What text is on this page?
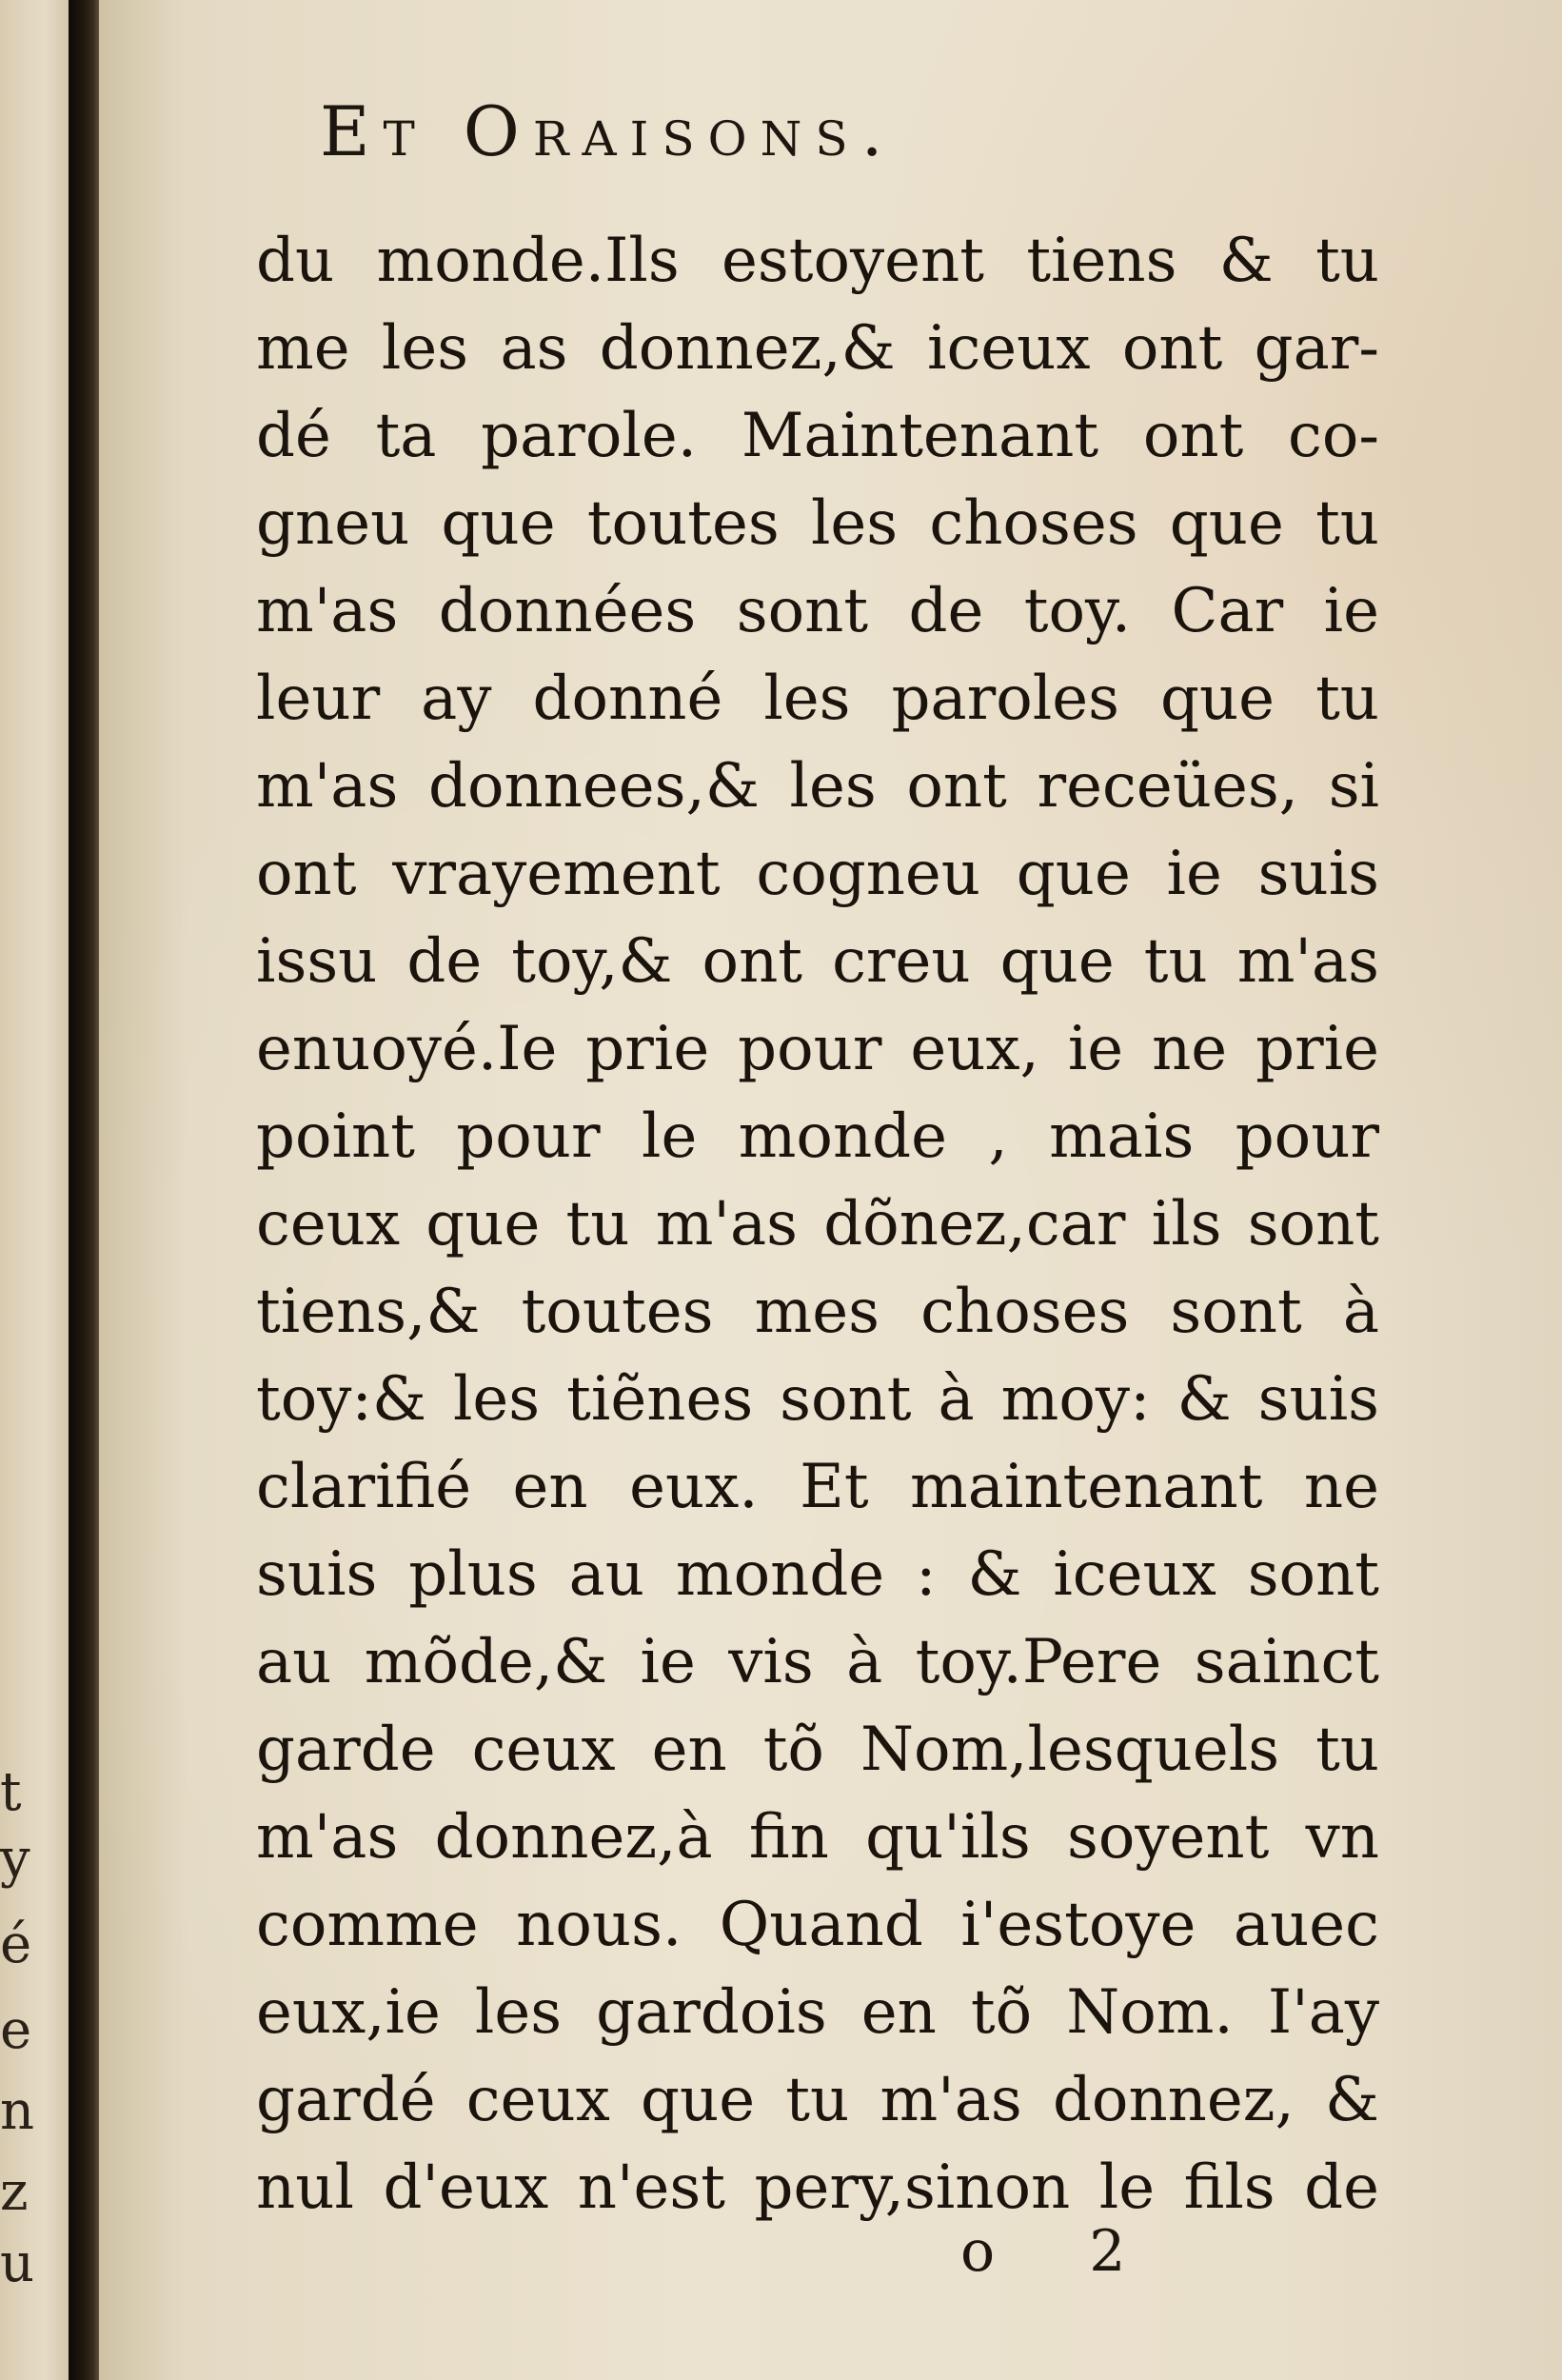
t
y
é
e
n
z
u
Et Oraisons.
du monde.Ils estoyent tiens & tu
me les as donnez,& iceux ont gar-
dé ta parole. Maintenant ont co-
gneu que toutes les choses que tu
m'as données sont de toy. Car ie
leur ay donné les paroles que tu
m'as donnees,& les ont receües, si
ont vrayement cogneu que ie suis
issu de toy,& ont creu que tu m'as
enuoyé.Ie prie pour eux, ie ne prie
point pour le monde , mais pour
ceux que tu m'as dõnez,car ils sont
tiens,& toutes mes choses sont à
toy:& les tiẽnes sont à moy: & suis
clarifié en eux. Et maintenant ne
suis plus au monde : & iceux sont
au mõde,& ie vis à toy.Pere sainct
garde ceux en tõ Nom,lesquels tu
m'as donnez,à fin qu'ils soyent vn
comme nous. Quand i'estoye auec
eux,ie les gardois en tõ Nom. I'ay
gardé ceux que tu m'as donnez, &
nul d'eux n'est pery,sinon le fils de
o 2
